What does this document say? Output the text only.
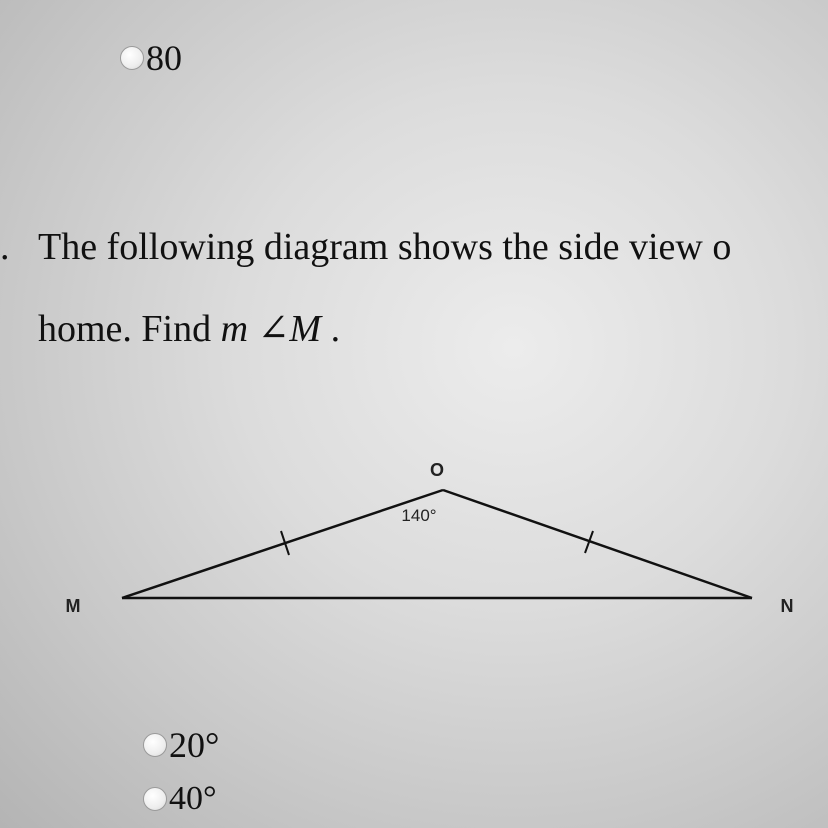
80
. The following diagram shows the side view o
home. Find m ∠M .
O
M	N
140°
20°
40°
